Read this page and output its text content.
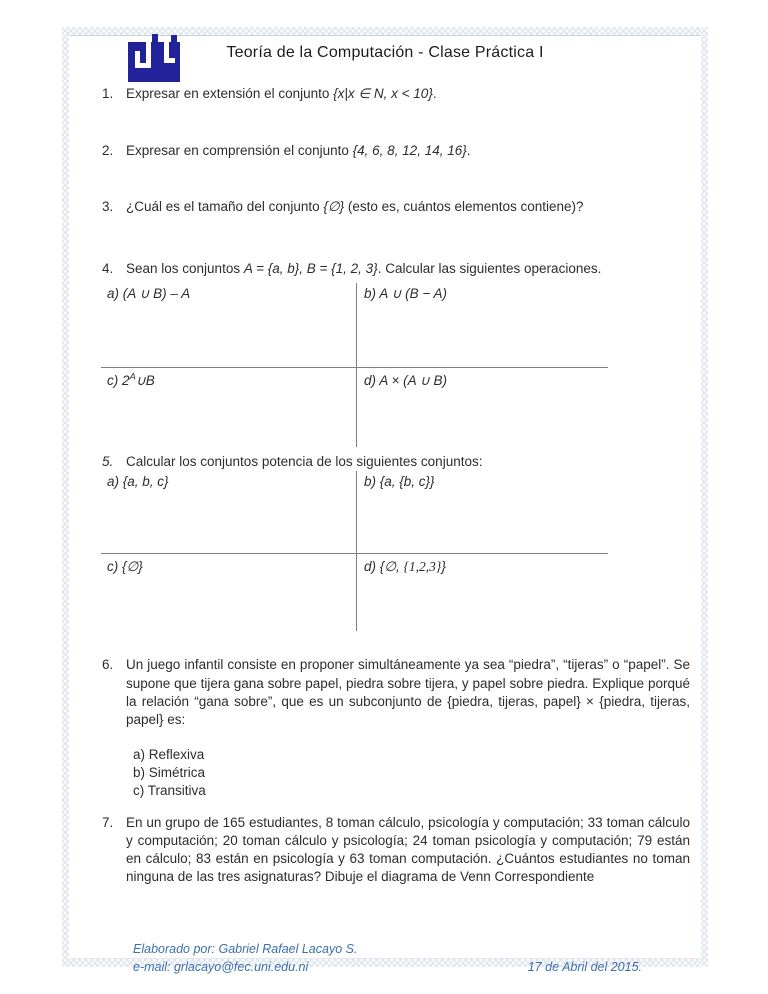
Teoría de la Computación - Clase Práctica I
1. Expresar en extensión el conjunto {x|x ∈ N, x < 10}.
2. Expresar en comprensión el conjunto {4, 6, 8, 12, 14, 16}.
3. ¿Cuál es el tamaño del conjunto {∅} (esto es, cuántos elementos contiene)?
4. Sean los conjuntos A = {a, b}, B = {1, 2, 3}. Calcular las siguientes operaciones.
a) (A ∪ B) – A	b) A ∪ (B − A)
c) $2^A\cup B$	d) A × (A ∪ B)
5. Calcular los conjuntos potencia de los siguientes conjuntos:
a) {a, b, c}	b) {a, {b, c}}
c) {∅}	d) {∅, {1,2,3}}
6. Un juego infantil consiste en proponer simultáneamente ya sea “piedra”, “tijeras” o “papel”. Se supone que tijera gana sobre papel, piedra sobre tijera, y papel sobre piedra. Explique porqué la relación “gana sobre”, que es un subconjunto de {piedra, tijeras, papel} × {piedra, tijeras, papel} es:
a) Reflexiva
b) Simétrica
c) Transitiva
7. En un grupo de 165 estudiantes, 8 toman cálculo, psicología y computación; 33 toman cálculo y computación; 20 toman cálculo y psicología; 24 toman psicología y computación; 79 están en cálculo; 83 están en psicología y 63 toman computación. ¿Cuántos estudiantes no toman ninguna de las tres asignaturas? Dibuje el diagrama de Venn Correspondiente
Elaborado por: Gabriel Rafael Lacayo S.
e-mail: grlacayo@fec.uni.edu.ni	17 de Abril del 2015.
